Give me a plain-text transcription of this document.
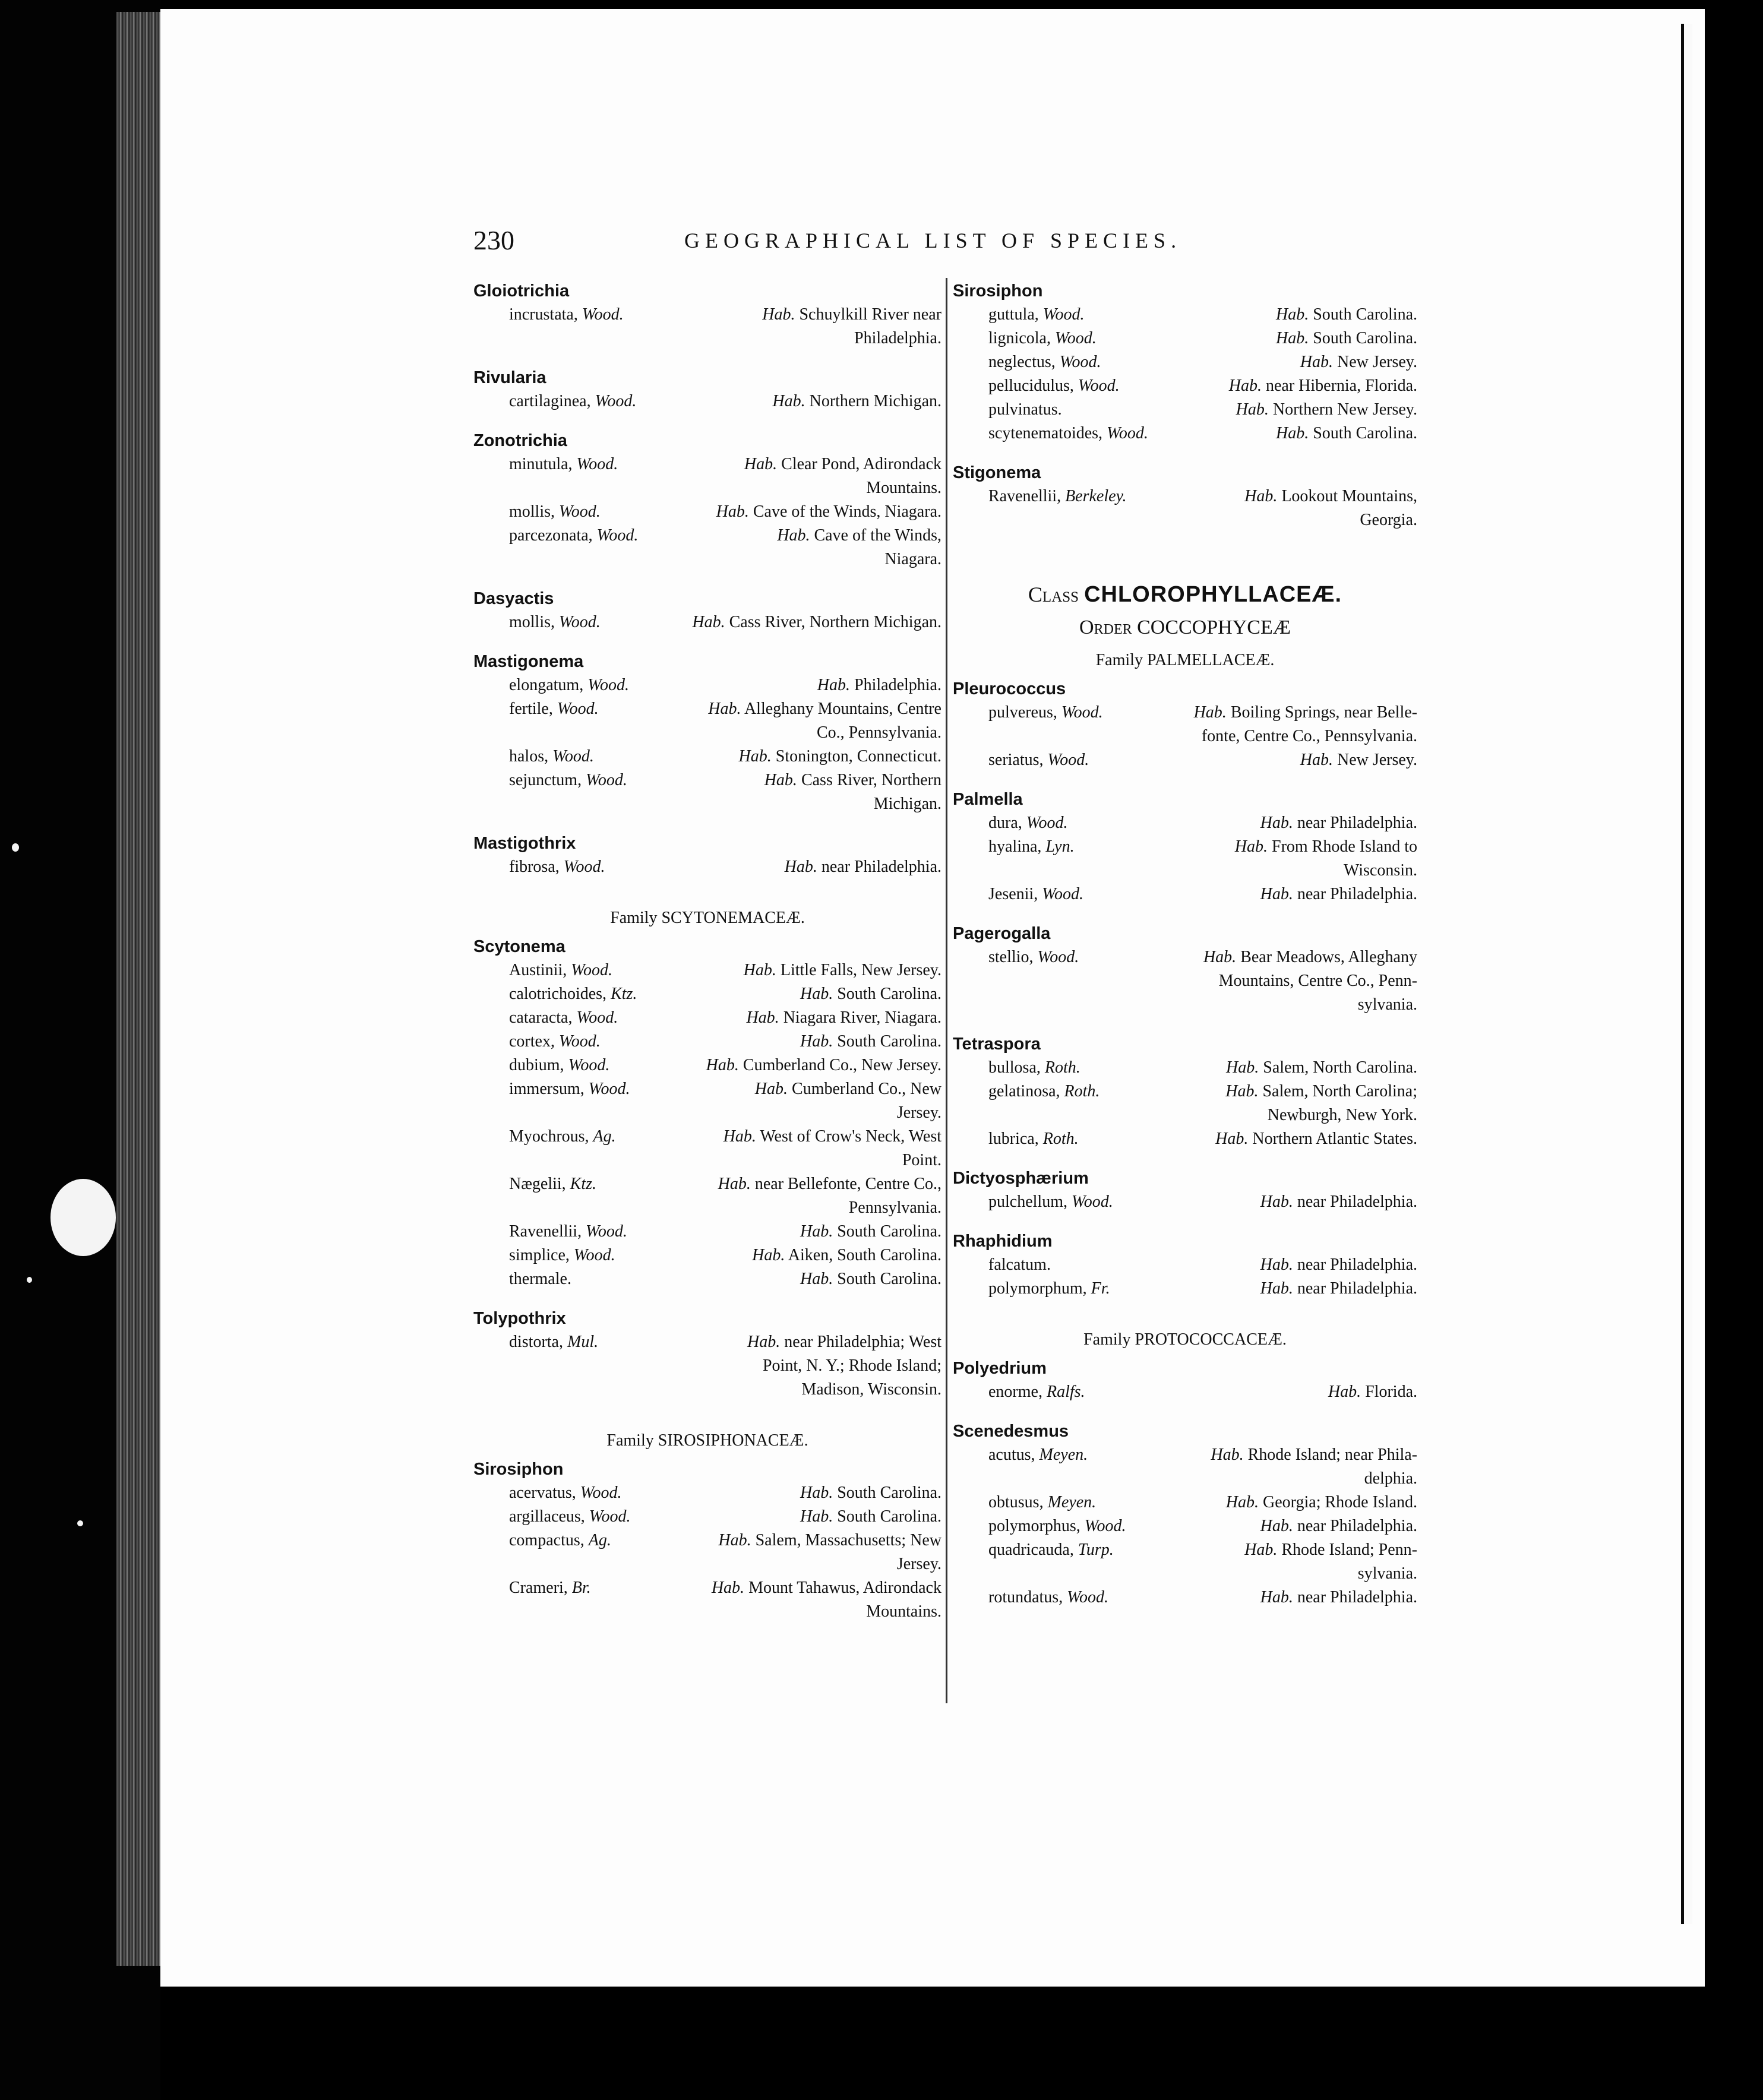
230	GEOGRAPHICAL LIST OF SPECIES.
Gloiotrichia
incrustata, Wood.	Hab. Schuylkill River near
Philadelphia.
Rivularia
cartilaginea, Wood.	Hab. Northern Michigan.
Zonotrichia
minutula, Wood.	Hab. Clear Pond, Adirondack
Mountains.
mollis, Wood.	Hab. Cave of the Winds, Niagara.
parcezonata, Wood.	Hab. Cave of the Winds,
Niagara.
Dasyactis
mollis, Wood.	Hab. Cass River, Northern Michigan.
Mastigonema
elongatum, Wood.	Hab. Philadelphia.
fertile, Wood.	Hab. Alleghany Mountains, Centre
Co., Pennsylvania.
halos, Wood.	Hab. Stonington, Connecticut.
sejunctum, Wood.	Hab. Cass River, Northern
Michigan.
Mastigothrix
fibrosa, Wood.	Hab. near Philadelphia.
Family SCYTONEMACEÆ.
Scytonema
Austinii, Wood.	Hab. Little Falls, New Jersey.
calotrichoides, Ktz.	Hab. South Carolina.
cataracta, Wood.	Hab. Niagara River, Niagara.
cortex, Wood.	Hab. South Carolina.
dubium, Wood.	Hab. Cumberland Co., New Jersey.
immersum, Wood.	Hab. Cumberland Co., New
Jersey.
Myochrous, Ag.	Hab. West of Crow's Neck, West
Point.
Nægelii, Ktz.	Hab. near Bellefonte, Centre Co.,
Pennsylvania.
Ravenellii, Wood.	Hab. South Carolina.
simplice, Wood.	Hab. Aiken, South Carolina.
thermale.	Hab. South Carolina.
Tolypothrix
distorta, Mul.	Hab. near Philadelphia; West
Point, N. Y.; Rhode Island;
Madison, Wisconsin.
Family SIROSIPHONACEÆ.
Sirosiphon
acervatus, Wood.	Hab. South Carolina.
argillaceus, Wood.	Hab. South Carolina.
compactus, Ag.	Hab. Salem, Massachusetts; New
Jersey.
Crameri, Br.	Hab. Mount Tahawus, Adirondack
Mountains.
Sirosiphon
guttula, Wood.	Hab. South Carolina.
lignicola, Wood.	Hab. South Carolina.
neglectus, Wood.	Hab. New Jersey.
pellucidulus, Wood.	Hab. near Hibernia, Florida.
pulvinatus.	Hab. Northern New Jersey.
scytenematoides, Wood.	Hab. South Carolina.
Stigonema
Ravenellii, Berkeley.	Hab. Lookout Mountains,
Georgia.
Class CHLOROPHYLLACEÆ.
Order COCCOPHYCEÆ
Family PALMELLACEÆ.
Pleurococcus
pulvereus, Wood.	Hab. Boiling Springs, near Belle-
fonte, Centre Co., Pennsylvania.
seriatus, Wood.	Hab. New Jersey.
Palmella
dura, Wood.	Hab. near Philadelphia.
hyalina, Lyn.	Hab. From Rhode Island to
Wisconsin.
Jesenii, Wood.	Hab. near Philadelphia.
Pagerogalla
stellio, Wood.	Hab. Bear Meadows, Alleghany
Mountains, Centre Co., Penn-
sylvania.
Tetraspora
bullosa, Roth.	Hab. Salem, North Carolina.
gelatinosa, Roth.	Hab. Salem, North Carolina;
Newburgh, New York.
lubrica, Roth.	Hab. Northern Atlantic States.
Dictyosphærium
pulchellum, Wood.	Hab. near Philadelphia.
Rhaphidium
falcatum.	Hab. near Philadelphia.
polymorphum, Fr.	Hab. near Philadelphia.
Family PROTOCOCCACEÆ.
Polyedrium
enorme, Ralfs.	Hab. Florida.
Scenedesmus
acutus, Meyen.	Hab. Rhode Island; near Phila-
delphia.
obtusus, Meyen.	Hab. Georgia; Rhode Island.
polymorphus, Wood.	Hab. near Philadelphia.
quadricauda, Turp.	Hab. Rhode Island; Penn-
sylvania.
rotundatus, Wood.	Hab. near Philadelphia.
